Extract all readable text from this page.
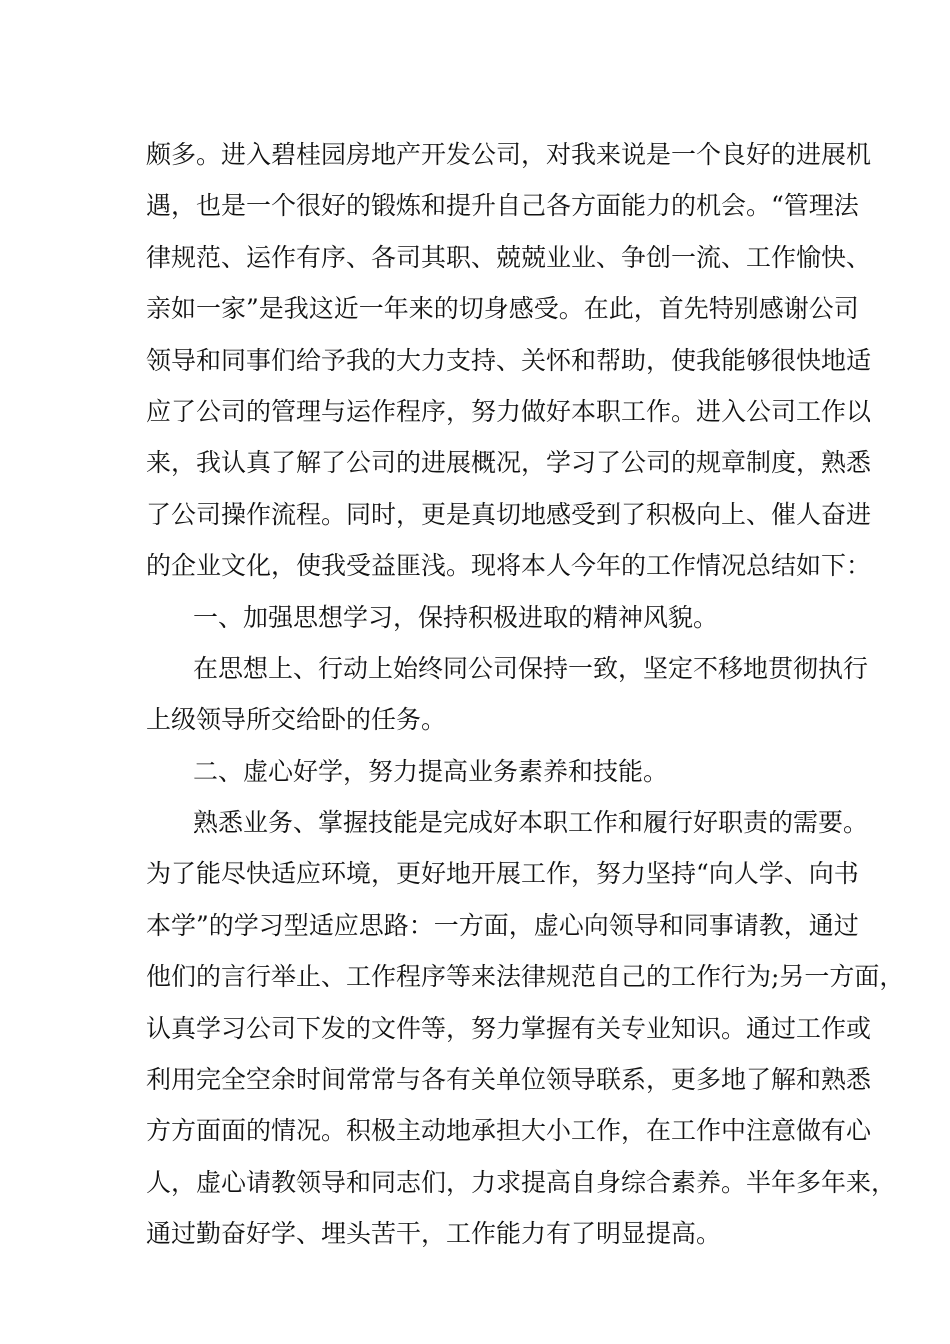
颇多。进入碧桂园房地产开发公司，对我来说是一个良好的进展机
遇，也是一个很好的锻炼和提升自己各方面能力的机会。“管理法
律规范、运作有序、各司其职、兢兢业业、争创一流、工作愉快、
亲如一家”是我这近一年来的切身感受。在此，首先特别感谢公司
领导和同事们给予我的大力支持、关怀和帮助，使我能够很快地适
应了公司的管理与运作程序，努力做好本职工作。进入公司工作以
来，我认真了解了公司的进展概况，学习了公司的规章制度，熟悉
了公司操作流程。同时，更是真切地感受到了积极向上、催人奋进
的企业文化，使我受益匪浅。现将本人今年的工作情况总结如下：
一、加强思想学习，保持积极进取的精神风貌。
在思想上、行动上始终同公司保持一致，坚定不移地贯彻执行
上级领导所交给卧的任务。
二、虚心好学，努力提高业务素养和技能。
熟悉业务、掌握技能是完成好本职工作和履行好职责的需要。
为了能尽快适应环境，更好地开展工作，努力坚持“向人学、向书
本学”的学习型适应思路：一方面，虚心向领导和同事请教，通过
他们的言行举止、工作程序等来法律规范自己的工作行为;另一方面，
认真学习公司下发的文件等，努力掌握有关专业知识。通过工作或
利用完全空余时间常常与各有关单位领导联系，更多地了解和熟悉
方方面面的情况。积极主动地承担大小工作，在工作中注意做有心
人，虚心请教领导和同志们，力求提高自身综合素养。半年多年来，
通过勤奋好学、埋头苦干，工作能力有了明显提高。
